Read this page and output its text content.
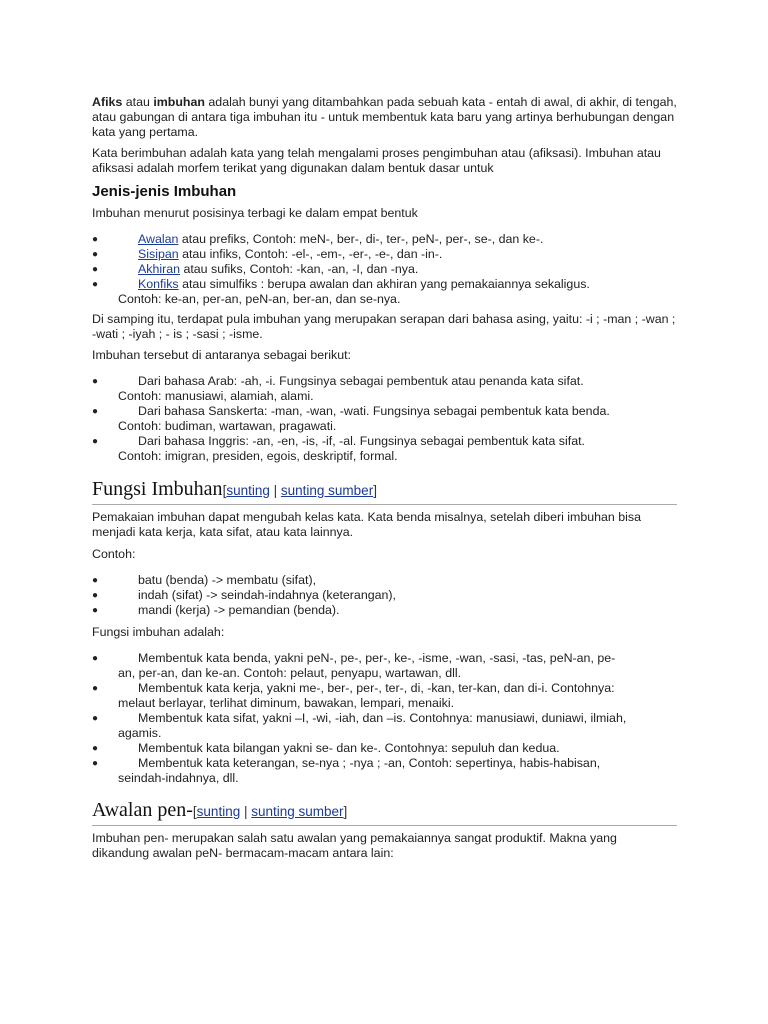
Afiks atau imbuhan adalah bunyi yang ditambahkan pada sebuah kata - entah di awal, di akhir, di tengah, atau gabungan di antara tiga imbuhan itu - untuk membentuk kata baru yang artinya berhubungan dengan kata yang pertama.

Kata berimbuhan adalah kata yang telah mengalami proses pengimbuhan atau (afiksasi). Imbuhan atau afiksasi adalah morfem terikat yang digunakan dalam bentuk dasar untuk

Jenis-jenis Imbuhan

Imbuhan menurut posisinya terbagi ke dalam empat bentuk

●	Awalan atau prefiks, Contoh: meN-, ber-, di-, ter-, peN-, per-, se-, dan ke-.
●	Sisipan atau infiks, Contoh: -el-, -em-, -er-, -e-, dan -in-.
●	Akhiran atau sufiks, Contoh: -kan, -an, -I, dan -nya.
●	Konfiks atau simulfiks : berupa awalan dan akhiran yang pemakaiannya sekaligus.
Contoh: ke-an, per-an, peN-an, ber-an, dan se-nya.

Di samping itu, terdapat pula imbuhan yang merupakan serapan dari bahasa asing, yaitu: -i ; -man ; -wan ; -wati ; -iyah ; - is ; -sasi ; -isme.

Imbuhan tersebut di antaranya sebagai berikut:

●	Dari bahasa Arab: -ah, -i. Fungsinya sebagai pembentuk atau penanda kata sifat.
Contoh: manusiawi, alamiah, alami.
●	Dari bahasa Sanskerta: -man, -wan, -wati. Fungsinya sebagai pembentuk kata benda.
Contoh: budiman, wartawan, pragawati.
●	Dari bahasa Inggris: -an, -en, -is, -if, -al. Fungsinya sebagai pembentuk kata sifat.
Contoh: imigran, presiden, egois, deskriptif, formal.
Fungsi Imbuhan[sunting | sunting sumber]

Pemakaian imbuhan dapat mengubah kelas kata. Kata benda misalnya, setelah diberi imbuhan bisa menjadi kata kerja, kata sifat, atau kata lainnya.

Contoh:

●	batu (benda) -> membatu (sifat),
●	indah (sifat) -> seindah-indahnya (keterangan),
●	mandi (kerja) -> pemandian (benda).

Fungsi imbuhan adalah:

●	Membentuk kata benda, yakni peN-, pe-, per-, ke-, -isme, -wan, -sasi, -tas, peN-an, pe-
an, per-an, dan ke-an. Contoh: pelaut, penyapu, wartawan, dll.
●	Membentuk kata kerja, yakni me-, ber-, per-, ter-, di, -kan, ter-kan, dan di-i. Contohnya:
melaut berlayar, terlihat diminum, bawakan, lempari, menaiki.
●	Membentuk kata sifat, yakni –I, -wi, -iah, dan –is. Contohnya: manusiawi, duniawi, ilmiah,
agamis.
●	Membentuk kata bilangan yakni se- dan ke-. Contohnya: sepuluh dan kedua.
●	Membentuk kata keterangan, se-nya ; -nya ; -an, Contoh: sepertinya, habis-habisan,
seindah-indahnya, dll.
Awalan pen-[sunting | sunting sumber]

Imbuhan pen- merupakan salah satu awalan yang pemakaiannya sangat produktif. Makna yang dikandung awalan peN- bermacam-macam antara lain:
